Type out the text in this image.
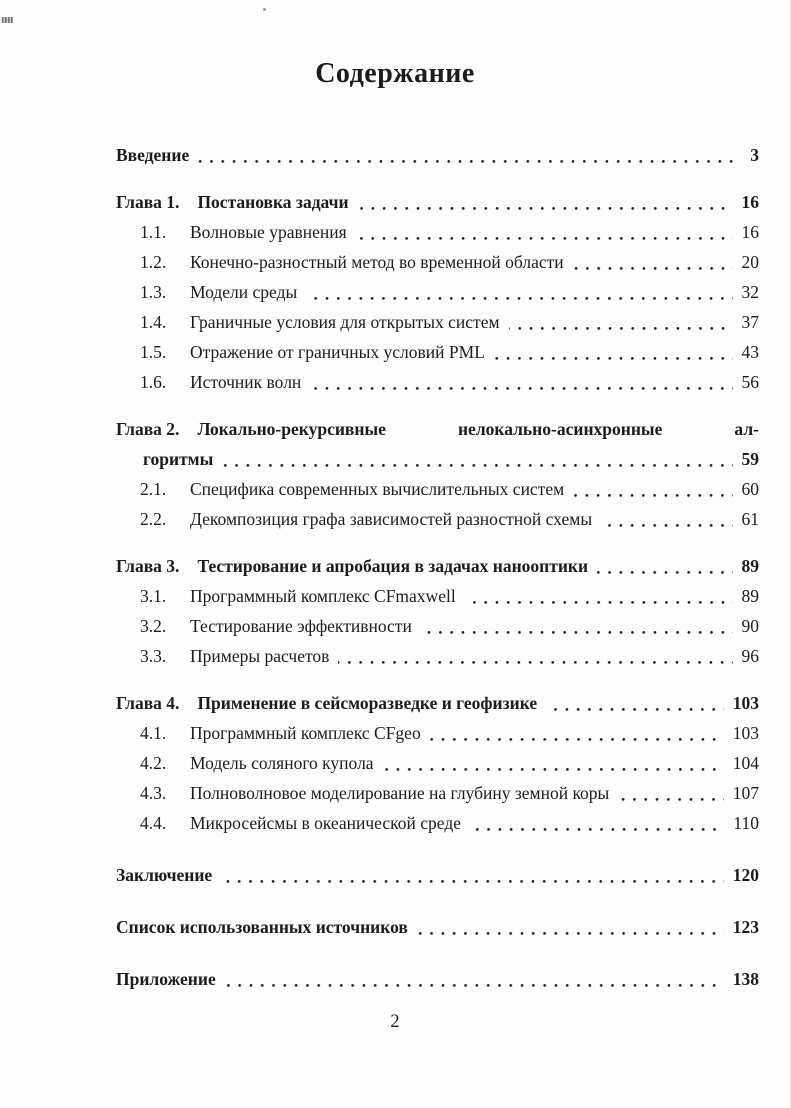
Содержание
Введение	3
Глава 1. Постановка задачи	16
1.1.	Волновые уравнения	16
1.2.	Конечно-разностный метод во временной области	20
1.3.	Модели среды	32
1.4.	Граничные условия для открытых систем	37
1.5.	Отражение от граничных условий PML	43
1.6.	Источник волн	56
Глава 2. Локально-рекурсивные нелокально-асинхронные ал-
горитмы	59
2.1.	Специфика современных вычислительных систем	60
2.2.	Декомпозиция графа зависимостей разностной схемы	61
Глава 3. Тестирование и апробация в задачах нанооптики	89
3.1.	Программный комплекс CFmaxwell	89
3.2.	Тестирование эффективности	90
3.3.	Примеры расчетов	96
Глава 4. Применение в сейсморазведке и геофизике	103
4.1.	Программный комплекс CFgeo	103
4.2.	Модель соляного купола	104
4.3.	Полноволновое моделирование на глубину земной коры	107
4.4.	Микросейсмы в океанической среде	110
Заключение	120
Список использованных источников	123
Приложение	138
2
